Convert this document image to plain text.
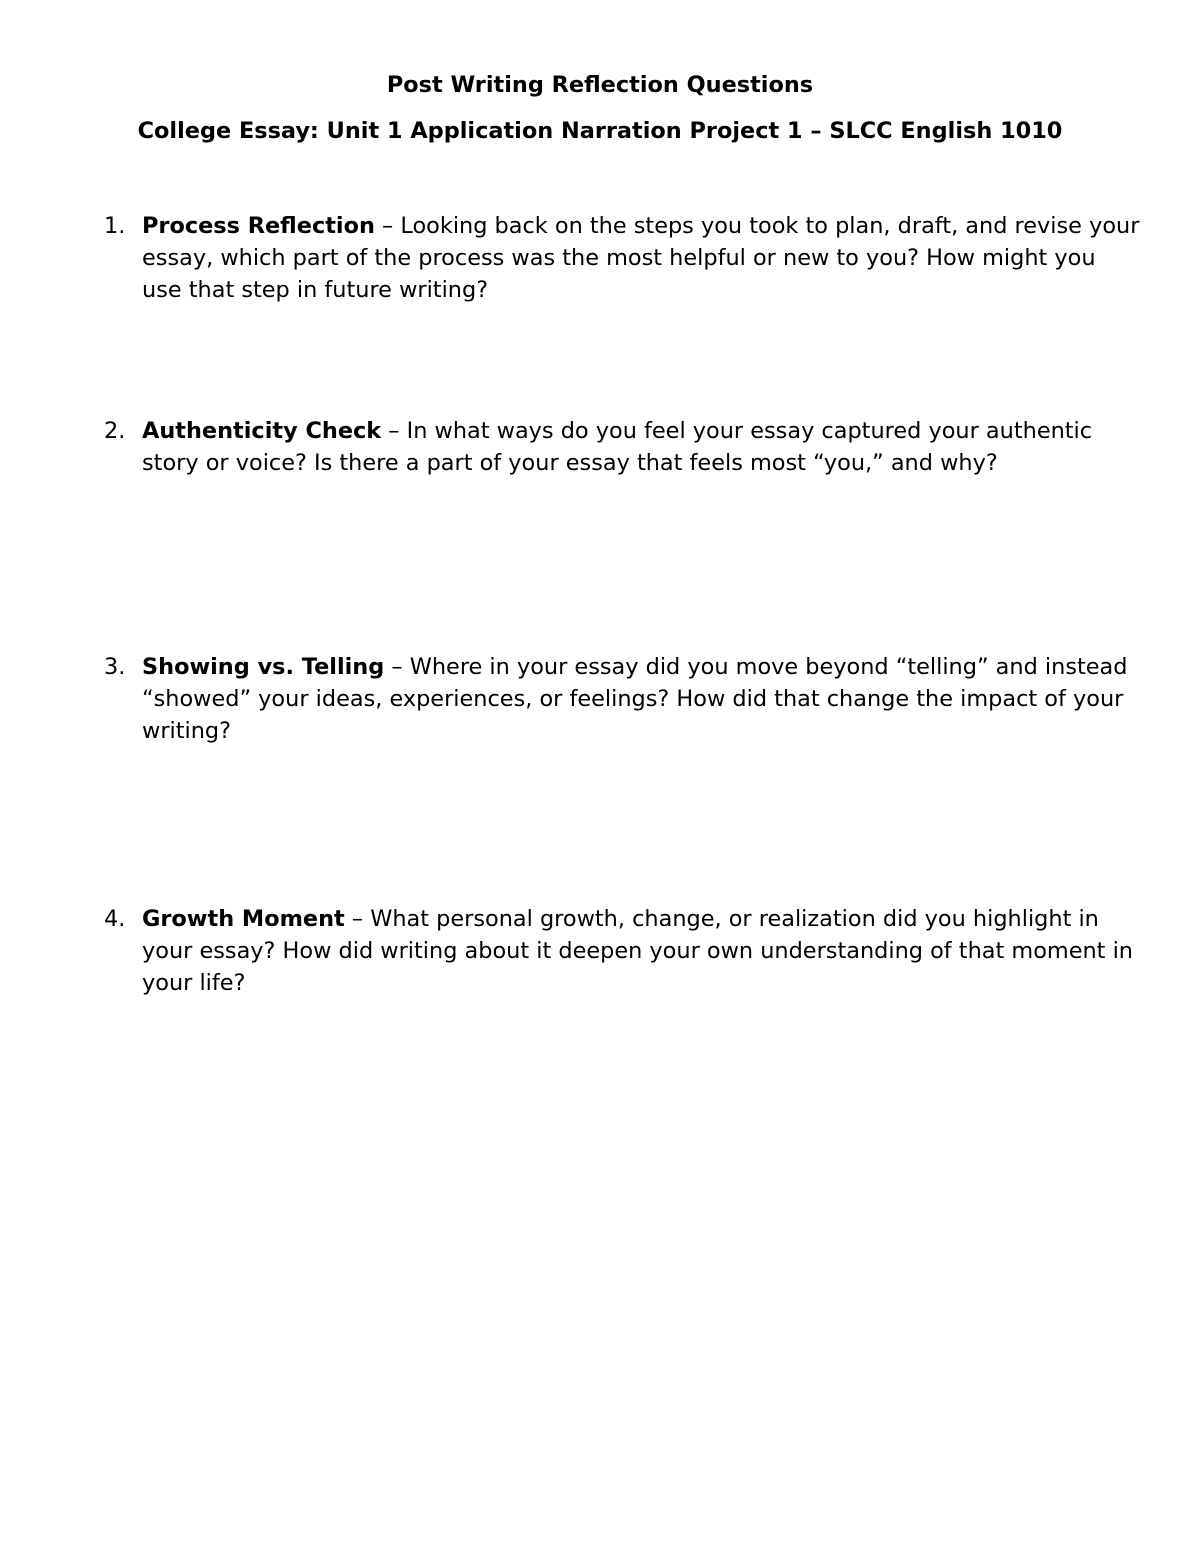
Post Writing Reflection Questions
College Essay: Unit 1 Application Narration Project 1 – SLCC English 1010
1. Process Reflection – Looking back on the steps you took to plan, draft, and revise your essay, which part of the process was the most helpful or new to you? How might you use that step in future writing?
2. Authenticity Check – In what ways do you feel your essay captured your authentic story or voice? Is there a part of your essay that feels most “you,” and why?
3. Showing vs. Telling – Where in your essay did you move beyond “telling” and instead “showed” your ideas, experiences, or feelings? How did that change the impact of your writing?
4. Growth Moment – What personal growth, change, or realization did you highlight in your essay? How did writing about it deepen your own understanding of that moment in your life?
